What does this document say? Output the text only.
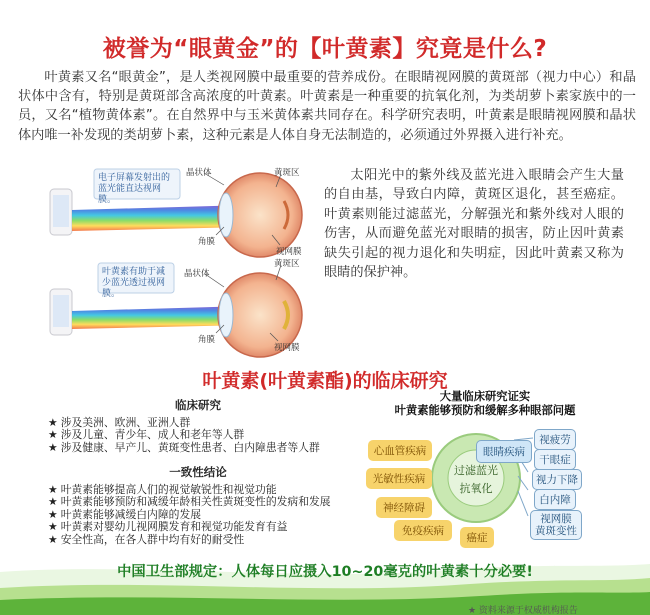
被誉为“眼黄金”的【叶黄素】究竟是什么?

叶黄素又名“眼黄金”，是人类视网膜中最重要的营养成份。在眼睛视网膜的黄斑部（视力中心）和晶状体中含有，特别是黄斑部含高浓度的叶黄素。叶黄素是一种重要的抗氧化剂，为类胡萝卜素家族中的一员，又名“植物黄体素”。在自然界中与玉米黄体素共同存在。科学研究表明，叶黄素是眼睛视网膜和晶状体内唯一补发现的类胡萝卜素，这种元素是人体自身无法制造的，必须通过外界摄入进行补充。

电子屏幕发射出的蓝光能直达视网膜。
叶黄素有助于减少蓝光透过视网膜。
晶状体	黄斑区
角膜
视网膜
晶状体
黄斑区
角膜
视网膜

太阳光中的紫外线及蓝光进入眼睛会产生大量的自由基，导致白内障，黄斑区退化，甚至癌症。叶黄素则能过滤蓝光，分解强光和紫外线对人眼的伤害，从而避免蓝光对眼睛的损害，防止因叶黄素缺失引起的视力退化和失明症，因此叶黄素又称为眼睛的保护神。

叶黄素(叶黄素酯)的临床研究
临床研究
★ 涉及美洲、欧洲、亚洲人群
★ 涉及儿童、青少年、成人和老年等人群
★ 涉及健康、早产儿、黄斑变性患者、白内障患者等人群
一致性结论
★ 叶黄素能够提高人们的视觉敏锐性和视觉功能
★ 叶黄素能够预防和减缓年龄相关性黄斑变性的发病和发展
★ 叶黄素能够减缓白内障的发展
★ 叶黄素对婴幼儿视网膜发育和视觉功能发育有益
★ 安全性高，在各人群中均有好的耐受性
大量临床研究证实
叶黄素能够预防和缓解多种眼部问题
心血管疾病
光敏性疾病
神经障碍
免疫疾病
癌症
眼睛疾病
过滤蓝光
抗氧化
视疲劳
干眼症
视力下降
白内障
视网膜
黄斑变性
中国卫生部规定：人体每日应摄入10~20毫克的叶黄素十分必要!
★ 资料来源于权威机构报告
